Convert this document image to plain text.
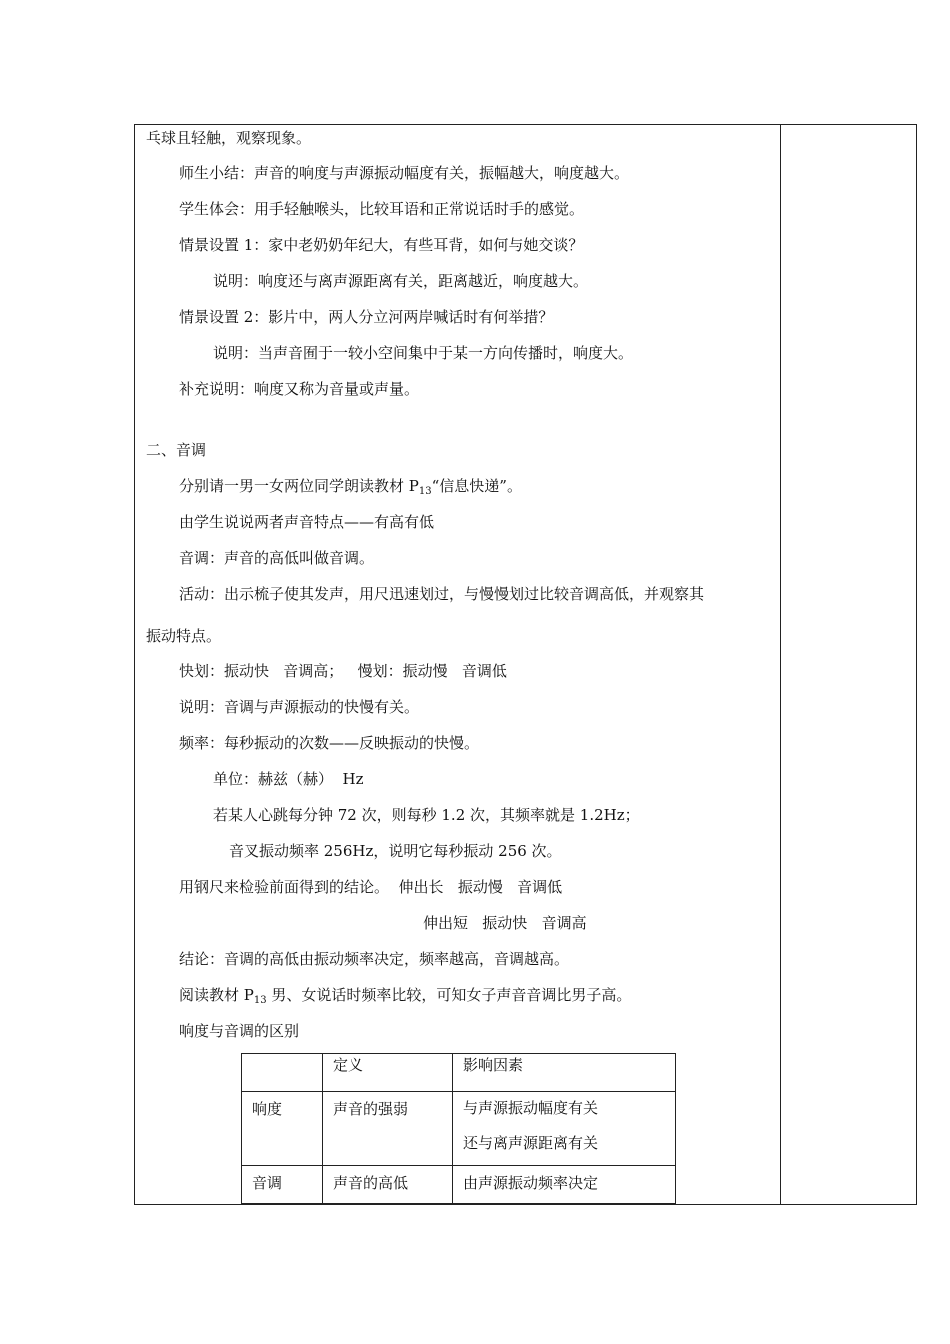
乓球且轻触，观察现象。
师生小结：声音的响度与声源振动幅度有关，振幅越大，响度越大。
学生体会：用手轻触喉头，比较耳语和正常说话时手的感觉。
情景设置 1：家中老奶奶年纪大，有些耳背，如何与她交谈？
说明：响度还与离声源距离有关，距离越近，响度越大。
情景设置 2：影片中，两人分立河两岸喊话时有何举措？
说明：当声音囿于一较小空间集中于某一方向传播时，响度大。
补充说明：响度又称为音量或声量。
二、音调
分别请一男一女两位同学朗读教材 $P_{13}“$信息快递”。
由学生说说两者声音特点——有高有低
音调：声音的高低叫做音调。
活动：出示梳子使其发声，用尺迅速划过，与慢慢划过比较音调高低，并观察其
振动特点。
快划：振动快   音调高；   慢划：振动慢   音调低
说明：音调与声源振动的快慢有关。
频率：每秒振动的次数——反映振动的快慢。
单位：赫兹（赫）  Hz
若某人心跳每分钟 72 次，则每秒 1.2 次，其频率就是 1.2Hz；
音叉振动频率 256Hz，说明它每秒振动 256 次。
用钢尺来检验前面得到的结论。  伸出长   振动慢   音调低
伸出短   振动快   音调高
结论：音调的高低由振动频率决定，频率越高，音调越高。
阅读教材 $P_{13}$ 男、女说话时频率比较，可知女子声音音调比男子高。
响度与音调的区别
	定义	影响因素
响度	声音的强弱	与声源振动幅度有关
还与离声源距离有关

音调	声音的高低	由声源振动频率决定
